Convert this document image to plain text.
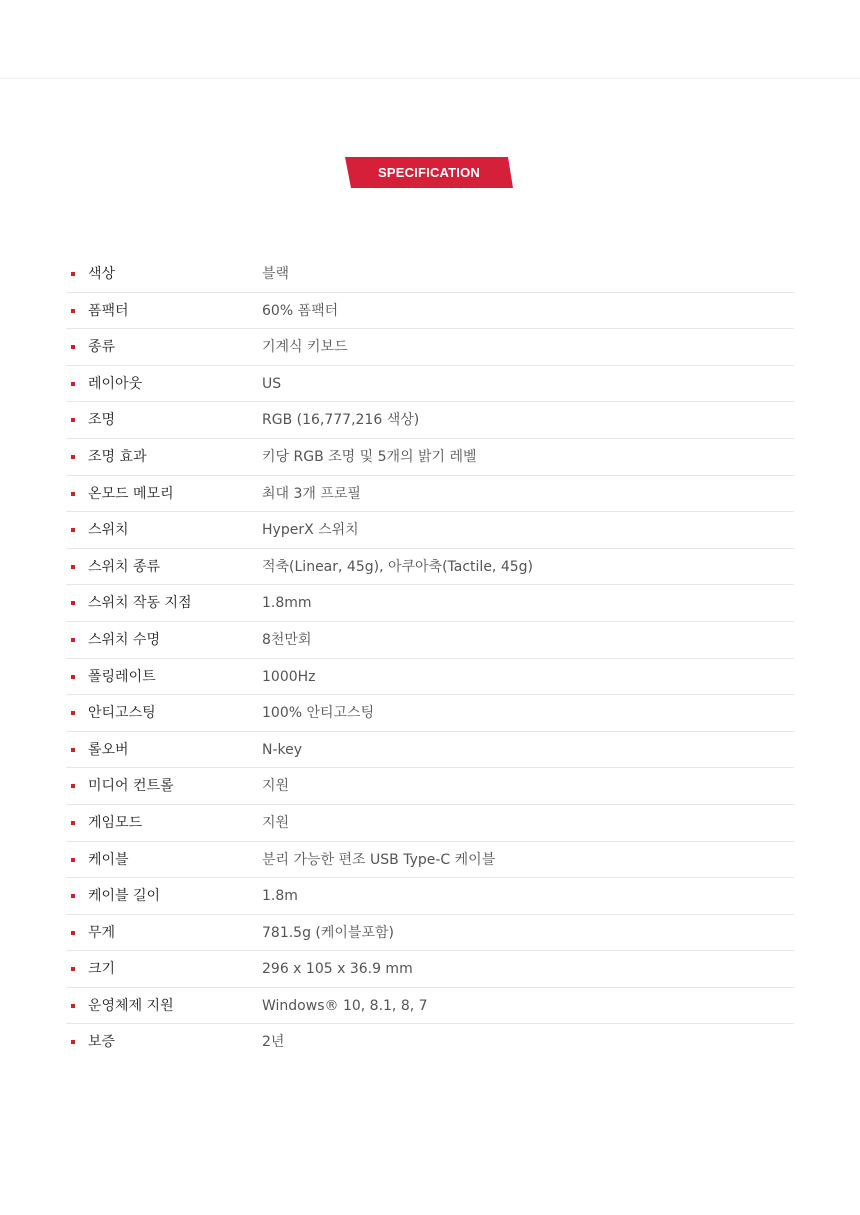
SPECIFICATION
색상	블랙
폼팩터	60% 폼팩터
종류	기계식 키보드
레이아웃	US
조명	RGB (16,777,216 색상)
조명 효과	키당 RGB 조명 및 5개의 밝기 레벨
온모드 메모리	최대 3개 프로필
스위치	HyperX 스위치
스위치 종류	적축(Linear, 45g), 아쿠아축(Tactile, 45g)
스위치 작동 지점	1.8mm
스위치 수명	8천만회
폴링레이트	1000Hz
안티고스팅	100% 안티고스팅
롤오버	N-key
미디어 컨트롤	지원
게임모드	지원
케이블	분리 가능한 편조 USB Type-C 케이블
케이블 길이	1.8m
무게	781.5g (케이블포함)
크기	296 x 105 x 36.9 mm
운영체제 지원	Windows® 10, 8.1, 8, 7
보증	2년
